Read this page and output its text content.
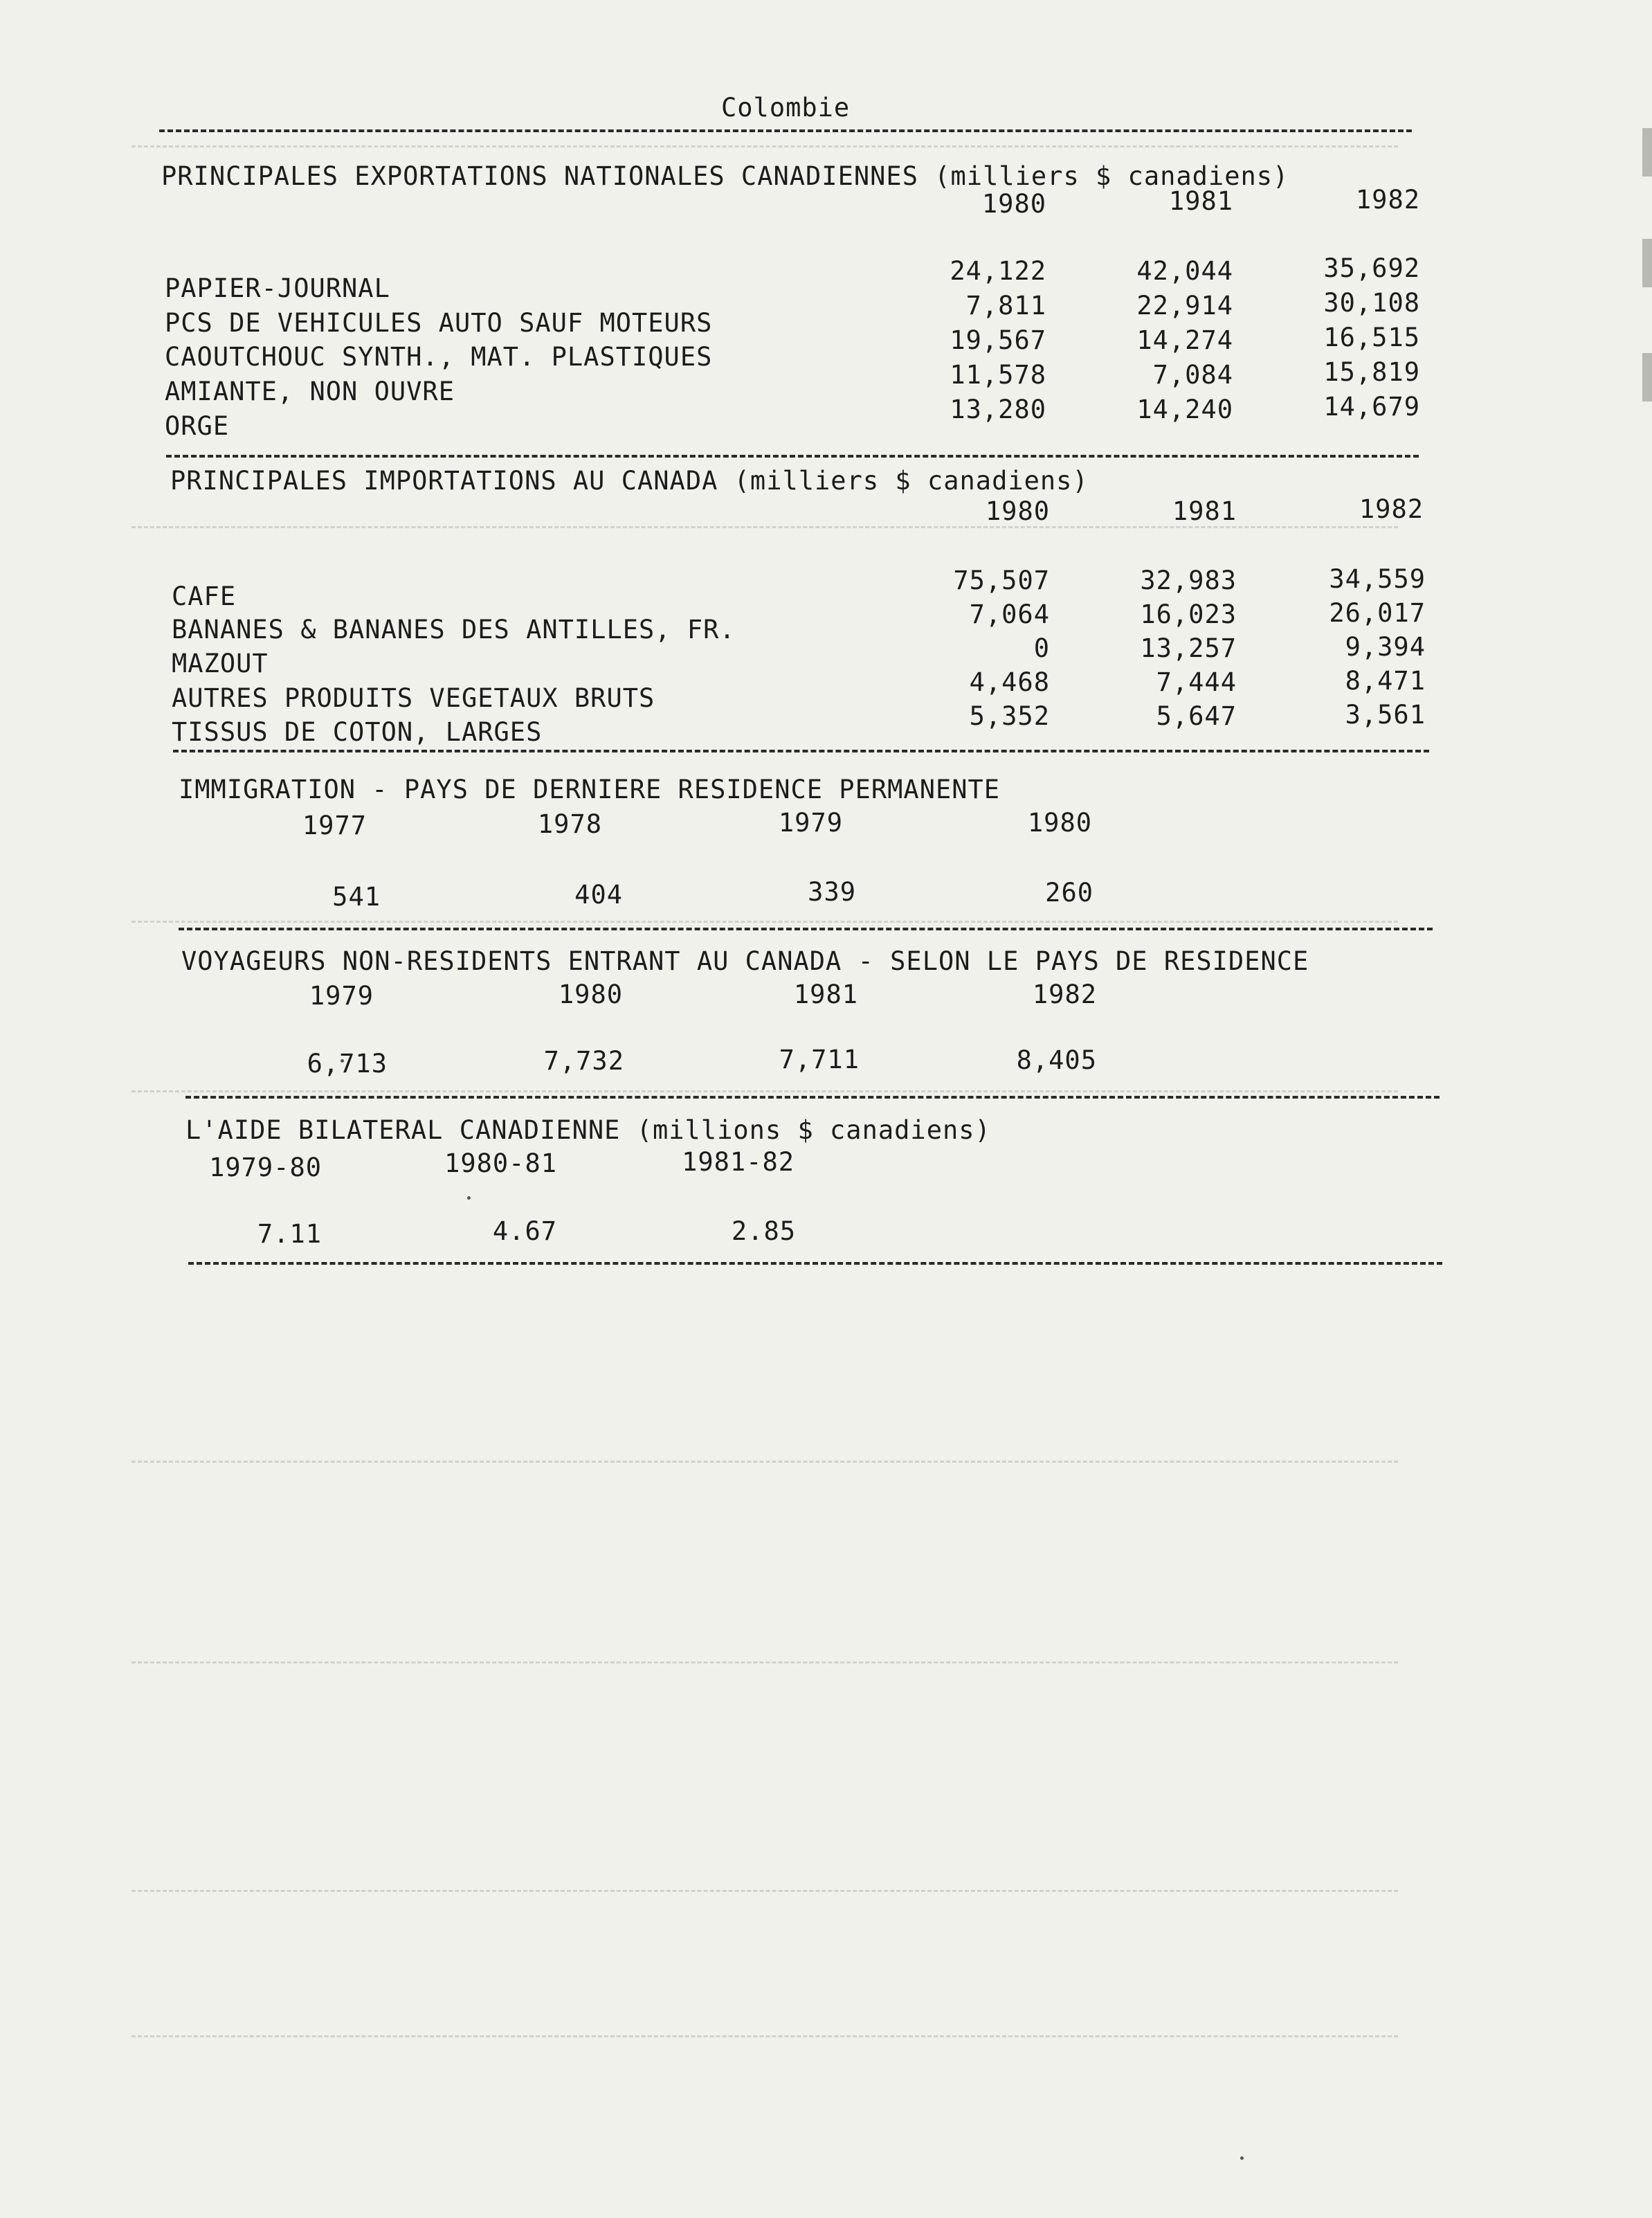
Colombie
PRINCIPALES EXPORTATIONS NATIONALES CANADIENNES (milliers $ canadiens)
1980	1981	1982
PAPIER-JOURNAL
24,122	42,044	35,692
PCS DE VEHICULES AUTO SAUF MOTEURS
7,811	22,914	30,108
CAOUTCHOUC SYNTH., MAT. PLASTIQUES
19,567	14,274	16,515
AMIANTE, NON OUVRE
11,578	7,084	15,819
ORGE
13,280	14,240	14,679
PRINCIPALES IMPORTATIONS AU CANADA (milliers $ canadiens)
1980	1981	1982
CAFE
75,507	32,983	34,559
BANANES & BANANES DES ANTILLES, FR.
7,064	16,023	26,017
MAZOUT
0	13,257	9,394
AUTRES PRODUITS VEGETAUX BRUTS
4,468	7,444	8,471
TISSUS DE COTON, LARGES
5,352	5,647	3,561
IMMIGRATION - PAYS DE DERNIERE RESIDENCE PERMANENTE
1977	1978	1979	1980
541	404	339	260
VOYAGEURS NON-RESIDENTS ENTRANT AU CANADA - SELON LE PAYS DE RESIDENCE
1979	1980	1981	1982
6,713	7,732	7,711	8,405
L'AIDE BILATERAL CANADIENNE (millions $ canadiens)
1979-80	1980-81	1981-82
7.11	4.67	2.85
